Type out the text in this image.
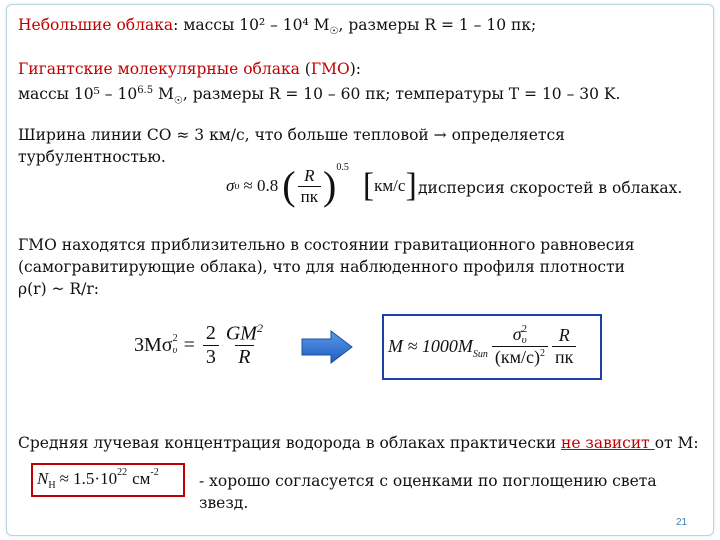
Небольшие облака: массы 10² – 10⁴ $M_☉$, размеры R = 1 – 10 пк;
Гигантские молекулярные облака (ГМО):
массы $10^5 - 10^{6.5}$ $M_☉$, размеры R = 10 – 60 пк; температуры T = 10 – 30 K.
Ширина линии CO ≈ 3 км/с, что больше тепловой → определяется
турбулентностью.
σ υ ≈ 0.8 ( $\frac{R}{пк} )^{0.5}$ [ км/с ] дисперсия скоростей в облаках.
ГМО находятся приблизительно в состоянии гравитационного равновесия
(самогравитирующие облака), что для наблюденного профиля плотности
ρ(r) ~ R/r:
3Mσ 2
$\upsilon = \frac{2}{3} \frac{GM^2}{R}$	$M \approx 1000M_{Sun}$ σ 2
υ
$(км/с)^2 \frac{R}{пк}$
Средняя лучевая концентрация водорода в облаках практически не зависит от M:
$N_H \approx 1.5\cdot 10^{22}$ $см^{-2}$	- хорошо согласуется с оценками по поглощению света
звезд.
21
